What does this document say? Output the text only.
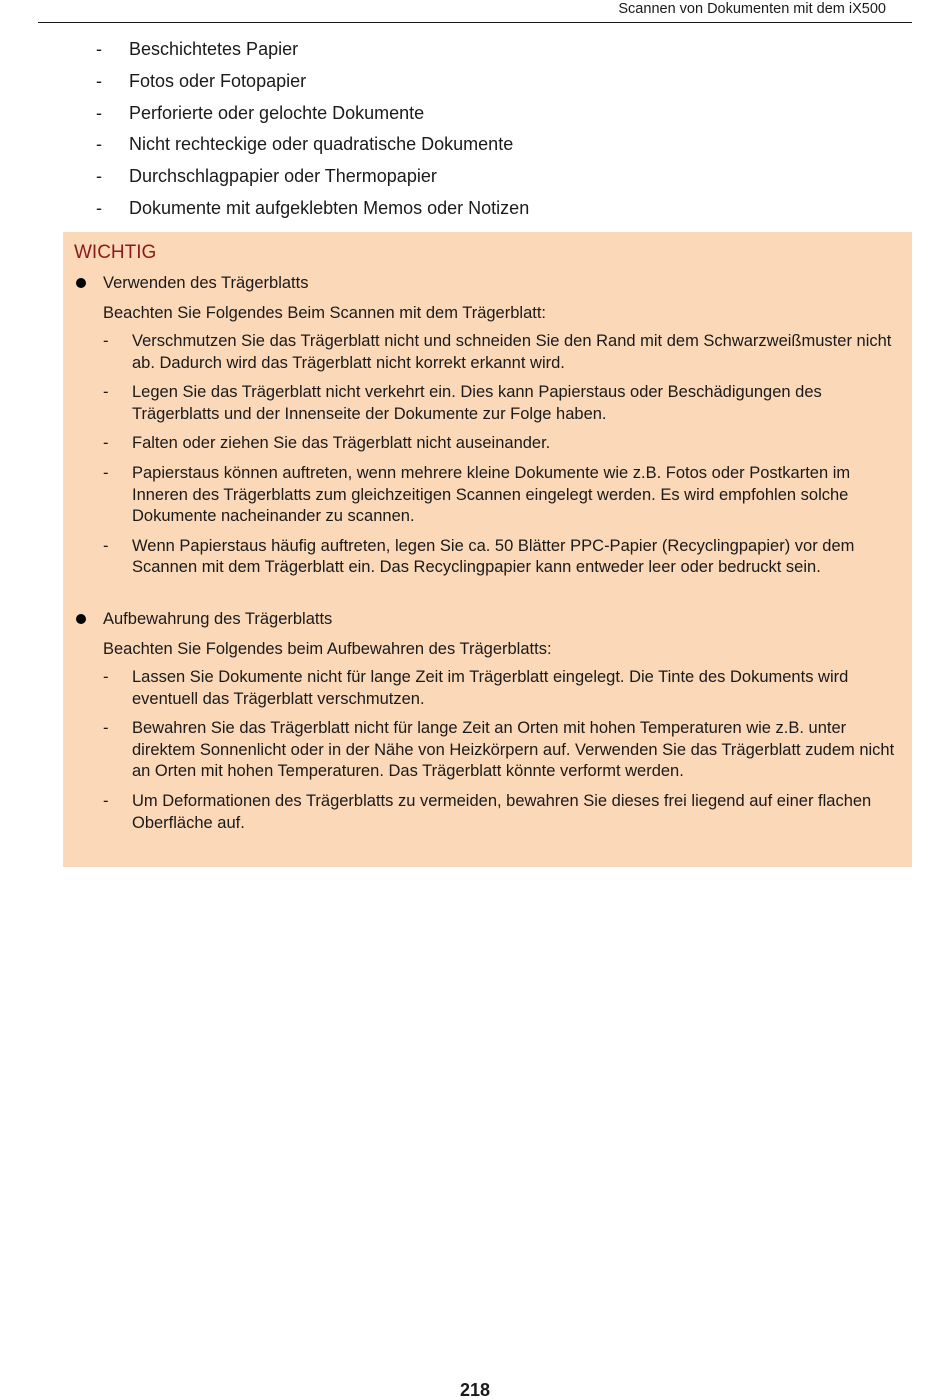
Scannen von Dokumenten mit dem iX500
- Beschichtetes Papier
- Fotos oder Fotopapier
- Perforierte oder gelochte Dokumente
- Nicht rechteckige oder quadratische Dokumente
- Durchschlagpapier oder Thermopapier
- Dokumente mit aufgeklebten Memos oder Notizen
WICHTIG
Verwenden des Trägerblatts
Beachten Sie Folgendes Beim Scannen mit dem Trägerblatt:
- Verschmutzen Sie das Trägerblatt nicht und schneiden Sie den Rand mit dem Schwarzweißmuster nicht ab. Dadurch wird das Trägerblatt nicht korrekt erkannt wird.
- Legen Sie das Trägerblatt nicht verkehrt ein. Dies kann Papierstaus oder Beschädigungen des Trägerblatts und der Innenseite der Dokumente zur Folge haben.
- Falten oder ziehen Sie das Trägerblatt nicht auseinander.
- Papierstaus können auftreten, wenn mehrere kleine Dokumente wie z.B. Fotos oder Postkarten im Inneren des Trägerblatts zum gleichzeitigen Scannen eingelegt werden. Es wird empfohlen solche Dokumente nacheinander zu scannen.
- Wenn Papierstaus häufig auftreten, legen Sie ca. 50 Blätter PPC-Papier (Recyclingpapier) vor dem Scannen mit dem Trägerblatt ein. Das Recyclingpapier kann entweder leer oder bedruckt sein.
Aufbewahrung des Trägerblatts
Beachten Sie Folgendes beim Aufbewahren des Trägerblatts:
- Lassen Sie Dokumente nicht für lange Zeit im Trägerblatt eingelegt. Die Tinte des Dokuments wird eventuell das Trägerblatt verschmutzen.
- Bewahren Sie das Trägerblatt nicht für lange Zeit an Orten mit hohen Temperaturen wie z.B. unter direktem Sonnenlicht oder in der Nähe von Heizkörpern auf. Verwenden Sie das Trägerblatt zudem nicht an Orten mit hohen Temperaturen. Das Trägerblatt könnte verformt werden.
- Um Deformationen des Trägerblatts zu vermeiden, bewahren Sie dieses frei liegend auf einer flachen Oberfläche auf.
218
